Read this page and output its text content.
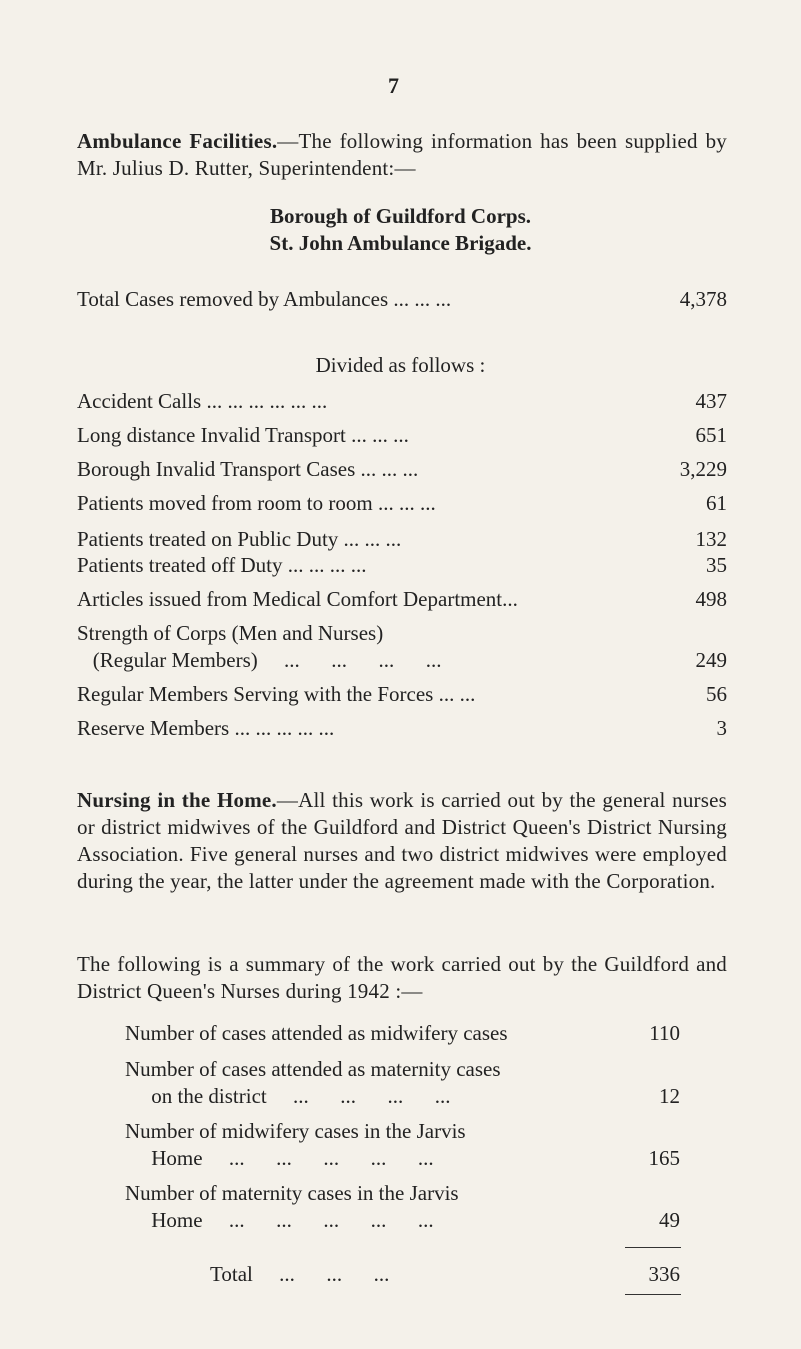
7
Ambulance Facilities.—The following information has been supplied by Mr. Julius D. Rutter, Superintendent:—
Borough of Guildford Corps.
St. John Ambulance Brigade.
Total Cases removed by Ambulances ... ... ...	4,378
Divided as follows :
Accident Calls ... ... ... ... ... ...	437
Long distance Invalid Transport ... ... ...	651
Borough Invalid Transport Cases ... ... ...	3,229
Patients moved from room to room ... ... ...	61
Patients treated on Public Duty ... ... ...	132
Patients treated off Duty ... ... ... ...	35
Articles issued from Medical Comfort Department...	498
Strength of Corps (Men and Nurses)
(Regular Members)     ...      ...      ...      ...	249
Regular Members Serving with the Forces ... ...	56
Reserve Members ... ... ... ... ...	3
Nursing in the Home.—All this work is carried out by the general nurses or district midwives of the Guildford and District Queen's District Nursing Association. Five general nurses and two district midwives were employed during the year, the latter under the agreement made with the Corporation.
The following is a summary of the work carried out by the Guildford and District Queen's Nurses during 1942 :—
Number of cases attended as midwifery cases	110
Number of cases attended as maternity cases
on the district     ...      ...      ...      ...	12
Number of midwifery cases in the Jarvis
Home     ...      ...      ...      ...      ...	165
Number of maternity cases in the Jarvis
Home     ...      ...      ...      ...      ...	49
Total     ...      ...      ...	336
